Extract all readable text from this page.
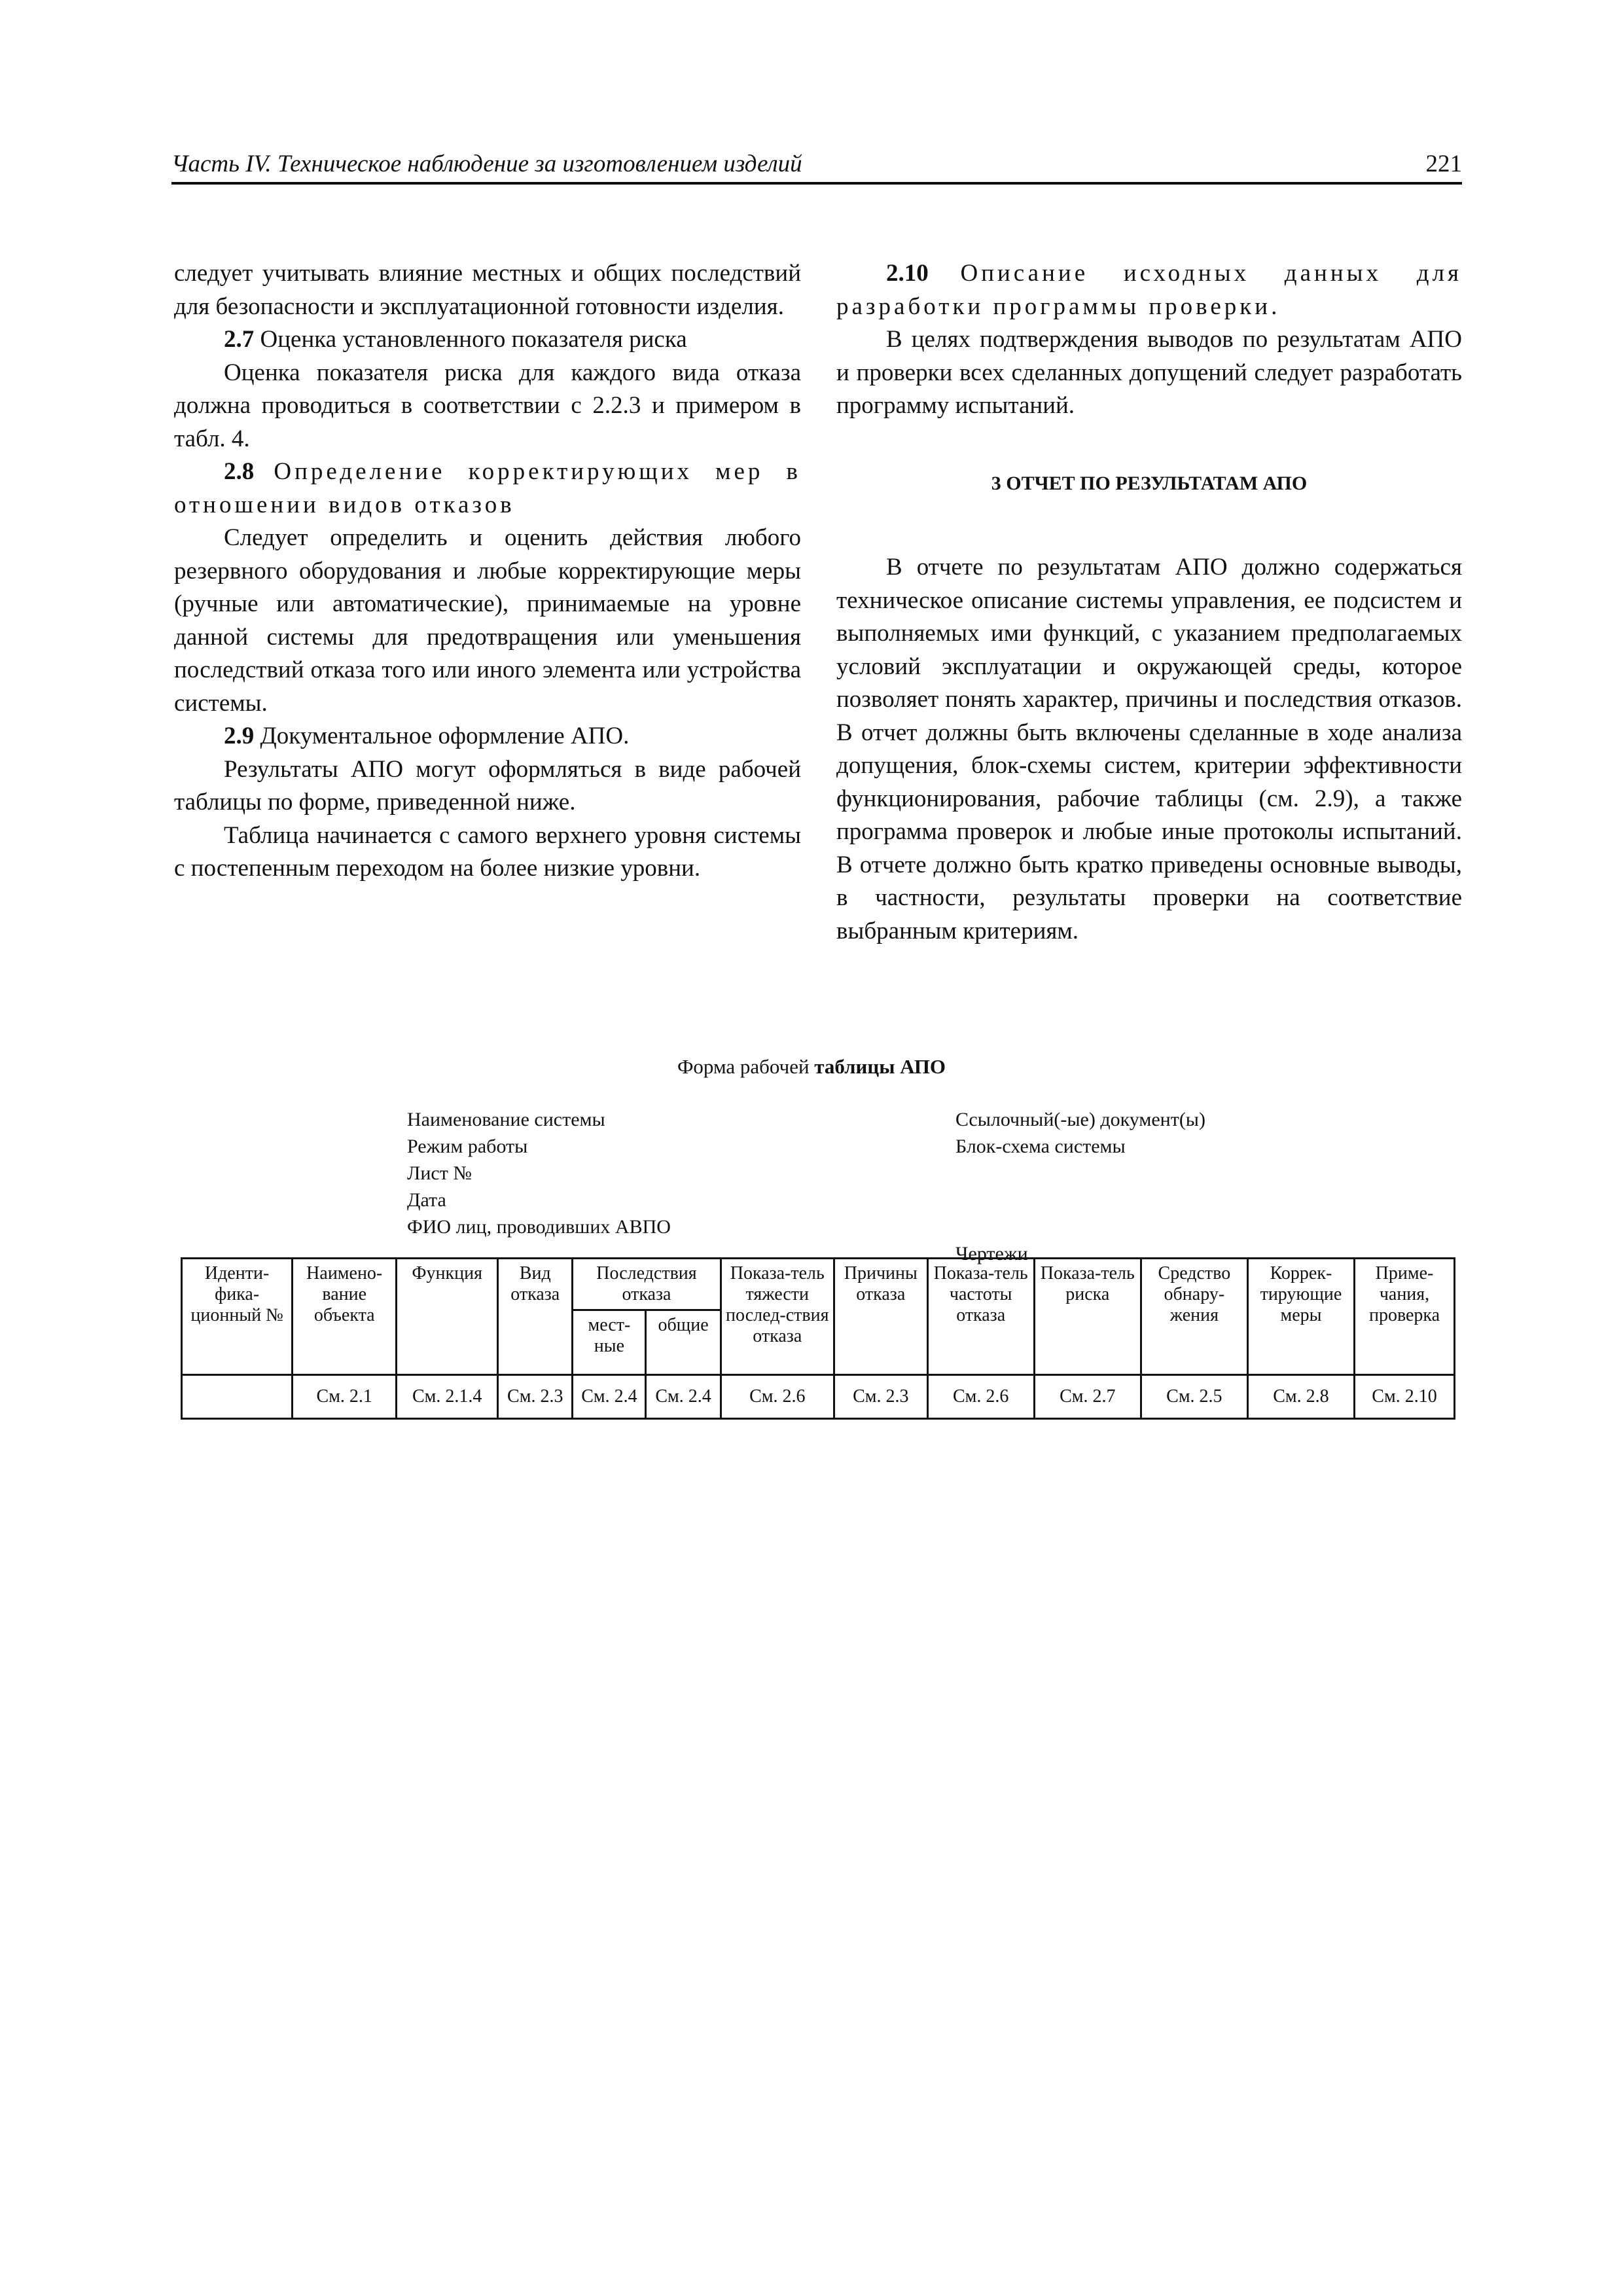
Часть IV. Техническое наблюдение за изготовлением изделий	221

следует учитывать влияние местных и общих последствий для безопасности и эксплуатационной готовности изделия.

2.7 Оценка установленного показателя риска

Оценка показателя риска для каждого вида отказа должна проводиться в соответствии с 2.2.3 и примером в табл. 4.

2.8 Определение корректирующих мер в отношении видов отказов

Следует определить и оценить действия любого резервного оборудования и любые корректирующие меры (ручные или автоматические), принимаемые на уровне данной системы для предотвращения или уменьшения последствий отказа того или иного элемента или устройства системы.

2.9 Документальное оформление АПО.

Результаты АПО могут оформляться в виде рабочей таблицы по форме, приведенной ниже.

Таблица начинается с самого верхнего уровня системы с постепенным переходом на более низкие уровни.

2.10 Описание исходных данных для разработки программы проверки.

В целях подтверждения выводов по результатам АПО и проверки всех сделанных допущений следует разработать программу испытаний.

3 ОТЧЕТ ПО РЕЗУЛЬТАТАМ АПО

В отчете по результатам АПО должно содержаться техническое описание системы управления, ее подсистем и выполняемых ими функций, с указанием предполагаемых условий эксплуатации и окружающей среды, которое позволяет понять характер, причины и последствия отказов. В отчет должны быть включены сделанные в ходе анализа допущения, блок-схемы систем, критерии эффективности функционирования, рабочие таблицы (см. 2.9), а также программа проверок и любые иные протоколы испытаний. В отчете должно быть кратко приведены основные выводы, в частности, результаты проверки на соответствие выбранным критериям.

Форма рабочей таблицы АПО
Наименование системы
Режим работы
Лист №
Дата
ФИО лиц, проводивших АВПО
Ссылочный(-ые) документ(ы)
Блок-схема системы
Чертежи
Иденти-фика-ционный №	Наимено-вание объекта	Функция	Вид отказа	Последствия отказа		Показа-тель тяжести послед-ствия отказа	Причины отказа	Показа-тель частоты отказа	Показа-тель риска	Средство обнару-жения	Коррек-тирующие меры	Приме-чания, проверка
				мест-ные	общие							
	См. 2.1	См. 2.1.4	См. 2.3	См. 2.4	См. 2.4	См. 2.6	См. 2.3	См. 2.6	См. 2.7	См. 2.5	См. 2.8	См. 2.10
